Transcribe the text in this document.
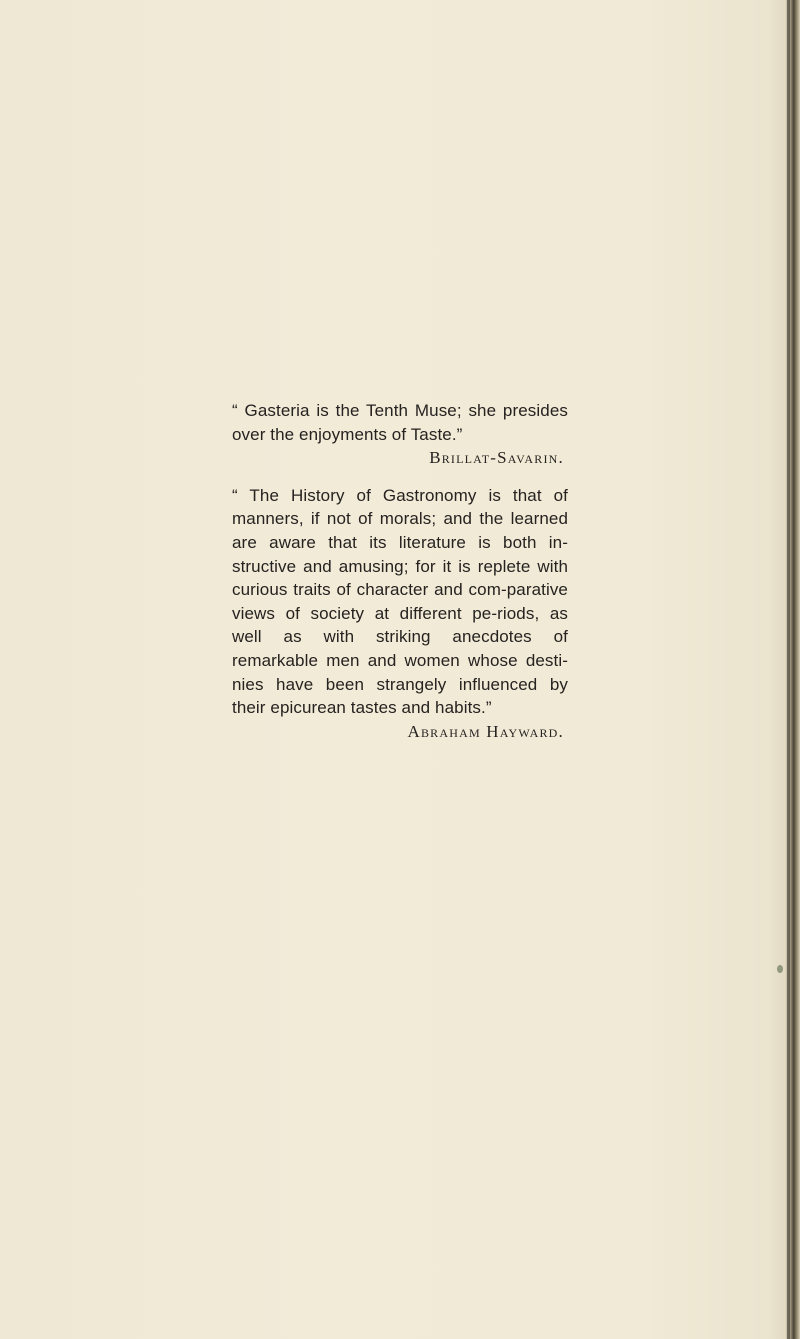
“ Gasteria is the Tenth Muse; she presides over the enjoyments of Taste.”

Brillat-Savarin.

“ The History of Gastronomy is that of manners, if not of morals; and the learned are aware that its literature is both in-structive and amusing; for it is replete with curious traits of character and com-parative views of society at different pe-riods, as well as with striking anecdotes of remarkable men and women whose desti-nies have been strangely influenced by their epicurean tastes and habits.”

Abraham Hayward.
